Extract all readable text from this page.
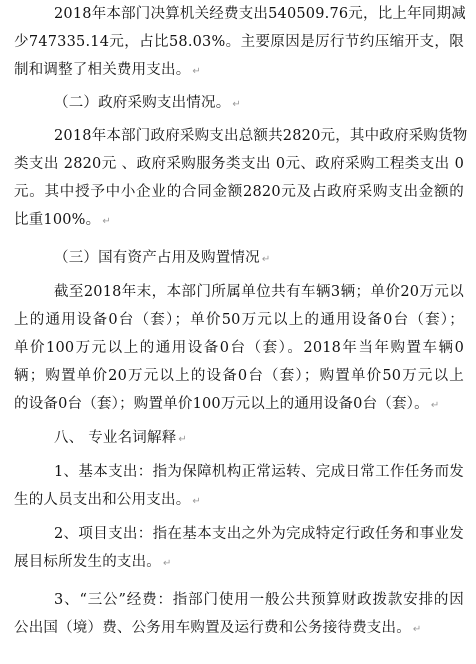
2018年本部门决算机关经费支出540509.76元，比上年同期减
少747335.14元，占比58.03%。主要原因是厉行节约压缩开支，限
制和调整了相关费用支出。 ↵
（二）政府采购支出情况。 ↵
2018年本部门政府采购支出总额共2820元，其中政府采购货物
类支出 2820元 、政府采购服务类支出 0元、政府采购工程类支出 0
元。其中授予中小企业的合同金额2820元及占政府采购支出金额的
比重100%。 ↵
（三）国有资产占用及购置情况 ↵
截至2018年末，本部门所属单位共有车辆3辆；单价20万元以
上的通用设备0台（套）；单价50万元以上的通用设备0台（套）；
单价100万元以上的通用设备0台（套）。2018年当年购置车辆0
辆；购置单价20万元以上的设备0台（套）；购置单价50万元以上
的设备0台（套）；购置单价100万元以上的通用设备0台（套）。 ↵
八、 专业名词解释 ↵
1、基本支出：指为保障机构正常运转、完成日常工作任务而发
生的人员支出和公用支出。 ↵
2、项目支出：指在基本支出之外为完成特定行政任务和事业发
展目标所发生的支出。 ↵
3、“三公”经费：指部门使用一般公共预算财政拨款安排的因
公出国（境）费、公务用车购置及运行费和公务接待费支出。 ↵
